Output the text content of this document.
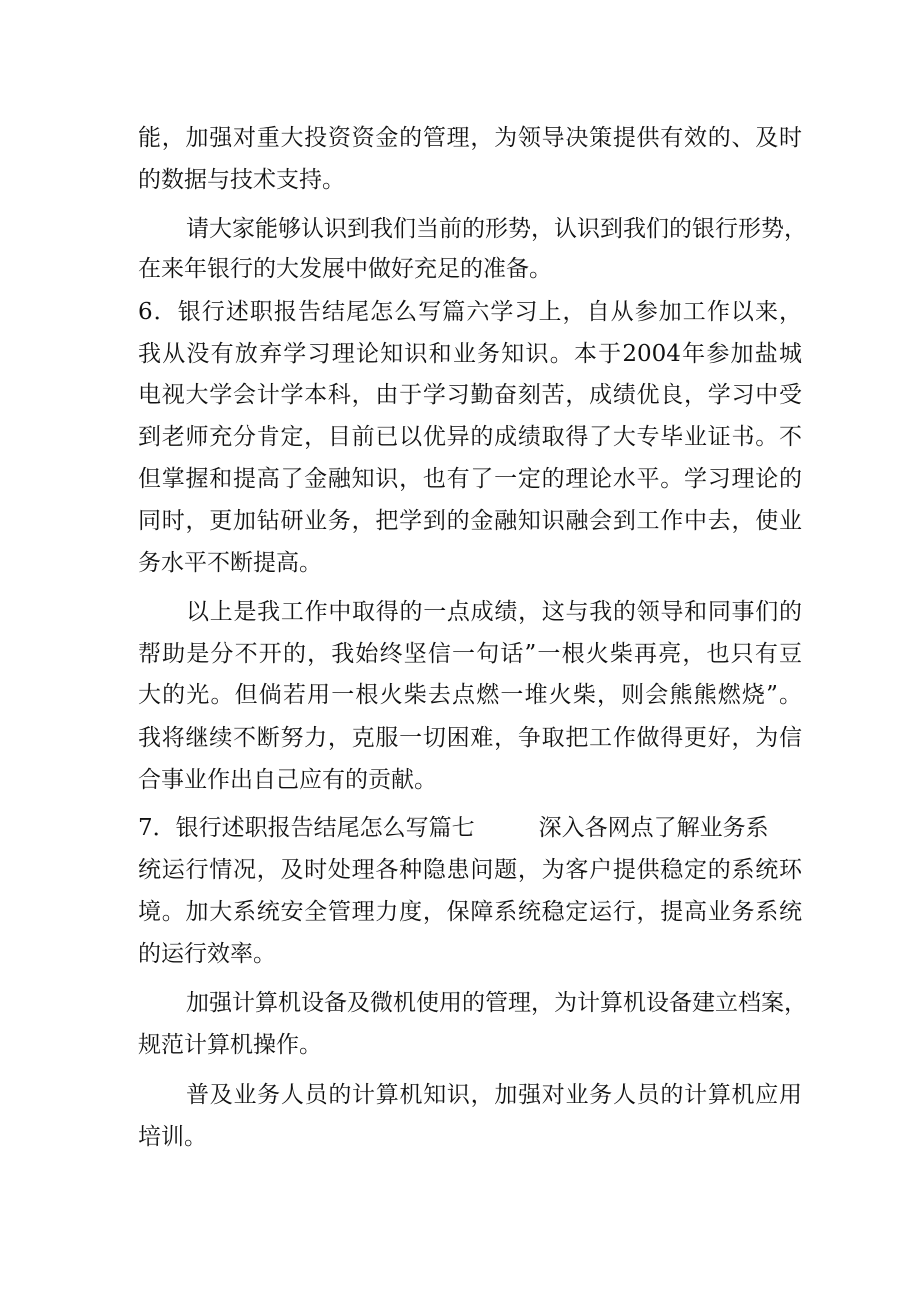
能，加强对重大投资资金的管理，为领导决策提供有效的、及时

的数据与技术支持。

请大家能够认识到我们当前的形势，认识到我们的银行形势，

在来年银行的大发展中做好充足的准备。

6．银行述职报告结尾怎么写篇六学习上，自从参加工作以来，

我从没有放弃学习理论知识和业务知识。本于2004年参加盐城

电视大学会计学本科，由于学习勤奋刻苦，成绩优良，学习中受

到老师充分肯定，目前已以优异的成绩取得了大专毕业证书。不

但掌握和提高了金融知识，也有了一定的理论水平。学习理论的

同时，更加钻研业务，把学到的金融知识融会到工作中去，使业

务水平不断提高。

以上是我工作中取得的一点成绩，这与我的领导和同事们的

帮助是分不开的，我始终坚信一句话”一根火柴再亮，也只有豆

大的光。但倘若用一根火柴去点燃一堆火柴，则会熊熊燃烧”。

我将继续不断努力，克服一切困难，争取把工作做得更好，为信

合事业作出自己应有的贡献。

7．银行述职报告结尾怎么写篇七	深入各网点了解业务系

统运行情况，及时处理各种隐患问题，为客户提供稳定的系统环

境。加大系统安全管理力度，保障系统稳定运行，提高业务系统

的运行效率。

加强计算机设备及微机使用的管理，为计算机设备建立档案，

规范计算机操作。

普及业务人员的计算机知识，加强对业务人员的计算机应用

培训。
